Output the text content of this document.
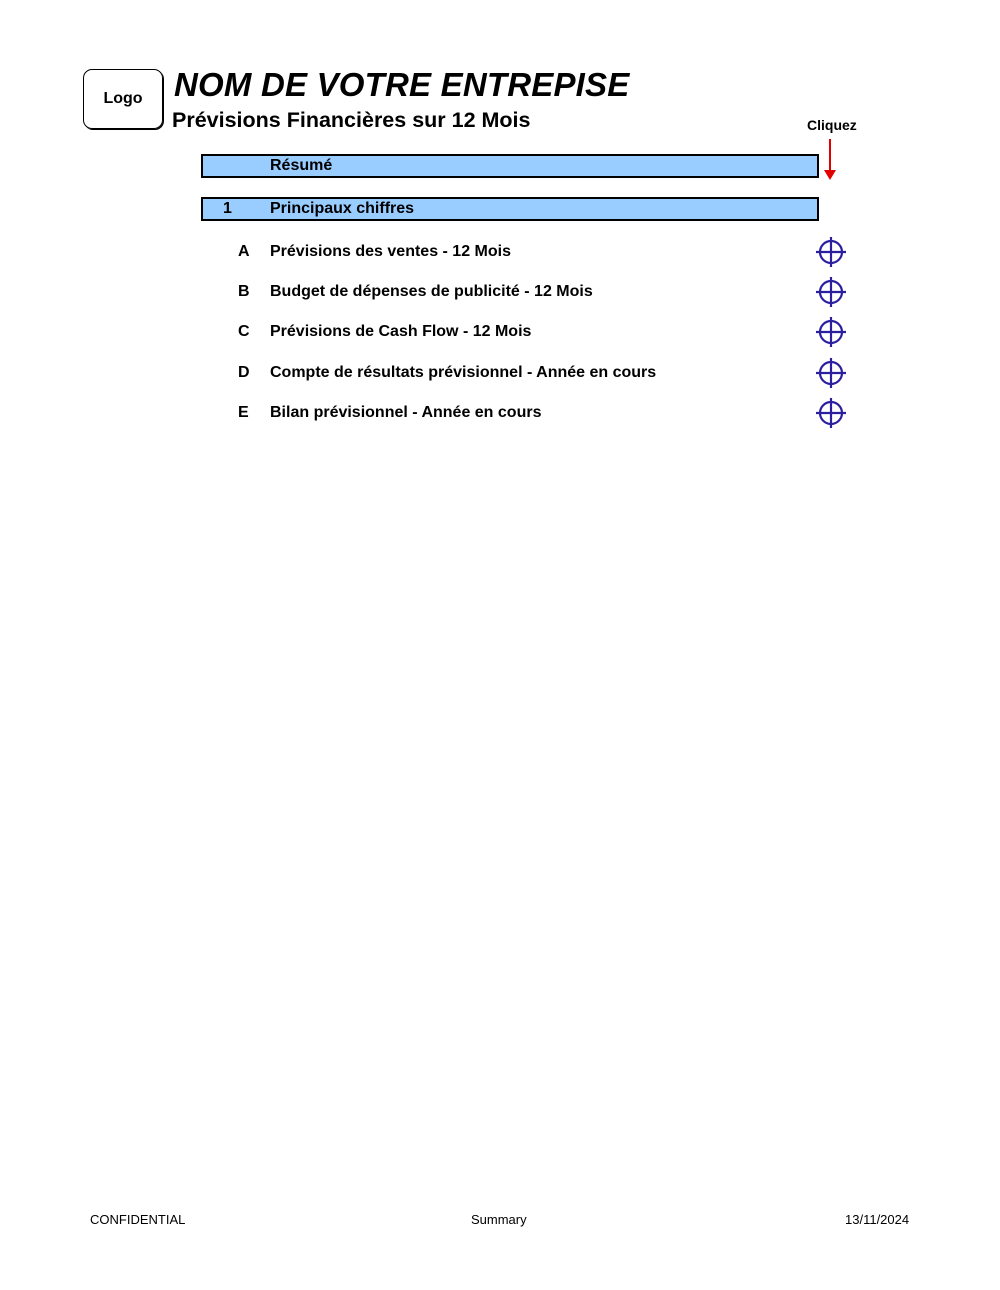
Logo NOM DE VOTRE ENTREPISE
Prévisions Financières sur 12 Mois	Cliquez
Résumé
1 Principaux chiffres
A Prévisions des ventes - 12 Mois
B Budget de dépenses de publicité - 12 Mois
C Prévisions de Cash Flow - 12 Mois
D Compte de résultats prévisionnel - Année en cours
E Bilan prévisionnel - Année en cours
CONFIDENTIAL	Summary	13/11/2024
